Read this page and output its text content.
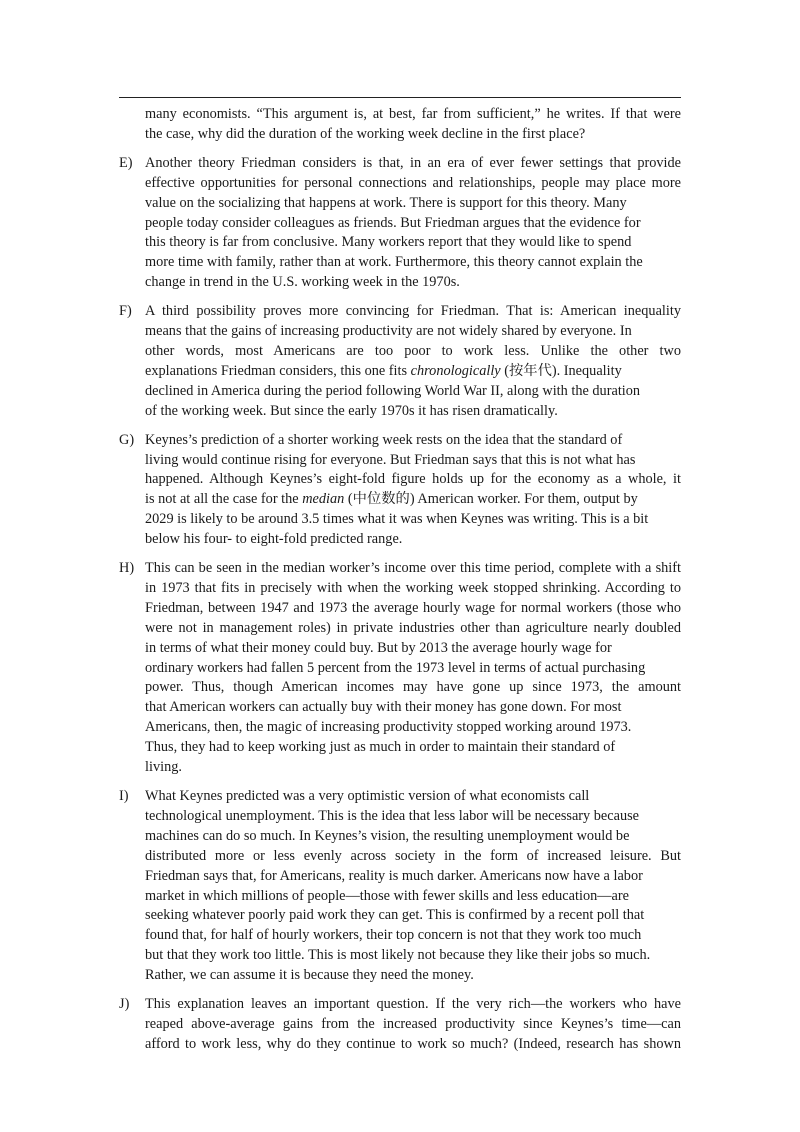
many economists. “This argument is, at best, far from sufficient,” he writes. If that were
the case, why did the duration of the working week decline in the first place?
E) Another theory Friedman considers is that, in an era of ever fewer settings that provide
effective opportunities for personal connections and relationships, people may place more
value on the socializing that happens at work. There is support for this theory. Many
people today consider colleagues as friends. But Friedman argues that the evidence for
this theory is far from conclusive. Many workers report that they would like to spend
more time with family, rather than at work. Furthermore, this theory cannot explain the
change in trend in the U.S. working week in the 1970s.
F) A third possibility proves more convincing for Friedman. That is: American inequality
means that the gains of increasing productivity are not widely shared by everyone. In
other words, most Americans are too poor to work less. Unlike the other two
explanations Friedman considers, this one fits chronologically (按年代). Inequality
declined in America during the period following World War II, along with the duration
of the working week. But since the early 1970s it has risen dramatically.
G) Keynes’s prediction of a shorter working week rests on the idea that the standard of
living would continue rising for everyone. But Friedman says that this is not what has
happened. Although Keynes’s eight-fold figure holds up for the economy as a whole, it
is not at all the case for the median (中位数的) American worker. For them, output by
2029 is likely to be around 3.5 times what it was when Keynes was writing. This is a bit
below his four- to eight-fold predicted range.
H) This can be seen in the median worker’s income over this time period, complete with a shift
in 1973 that fits in precisely with when the working week stopped shrinking. According to
Friedman, between 1947 and 1973 the average hourly wage for normal workers (those who
were not in management roles) in private industries other than agriculture nearly doubled
in terms of what their money could buy. But by 2013 the average hourly wage for
ordinary workers had fallen 5 percent from the 1973 level in terms of actual purchasing
power. Thus, though American incomes may have gone up since 1973, the amount
that American workers can actually buy with their money has gone down. For most
Americans, then, the magic of increasing productivity stopped working around 1973.
Thus, they had to keep working just as much in order to maintain their standard of
living.
I) What Keynes predicted was a very optimistic version of what economists call
technological unemployment. This is the idea that less labor will be necessary because
machines can do so much. In Keynes’s vision, the resulting unemployment would be
distributed more or less evenly across society in the form of increased leisure. But
Friedman says that, for Americans, reality is much darker. Americans now have a labor
market in which millions of people—those with fewer skills and less education—are
seeking whatever poorly paid work they can get. This is confirmed by a recent poll that
found that, for half of hourly workers, their top concern is not that they work too much
but that they work too little. This is most likely not because they like their jobs so much.
Rather, we can assume it is because they need the money.
J) This explanation leaves an important question. If the very rich—the workers who have
reaped above-average gains from the increased productivity since Keynes’s time—can
afford to work less, why do they continue to work so much? (Indeed, research has shown
